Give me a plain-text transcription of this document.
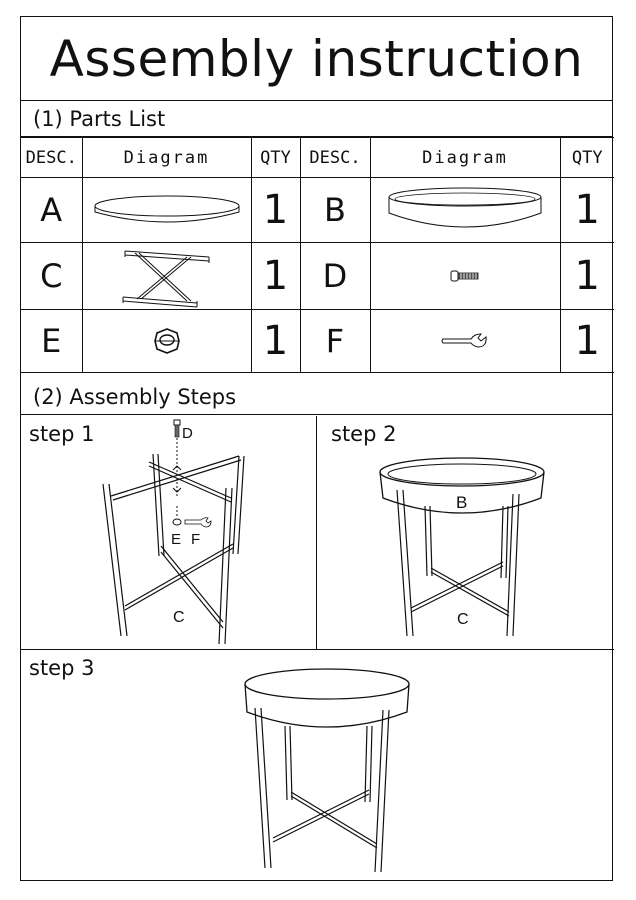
Assembly instruction
(1) Parts List
DESC.	Diagram	QTY	DESC.	Diagram	QTY
A		1	B		1
C		1	D		1
E		1	F		1
(2) Assembly Steps
step 1	D
E F
C
step 2
B
C
step 3
